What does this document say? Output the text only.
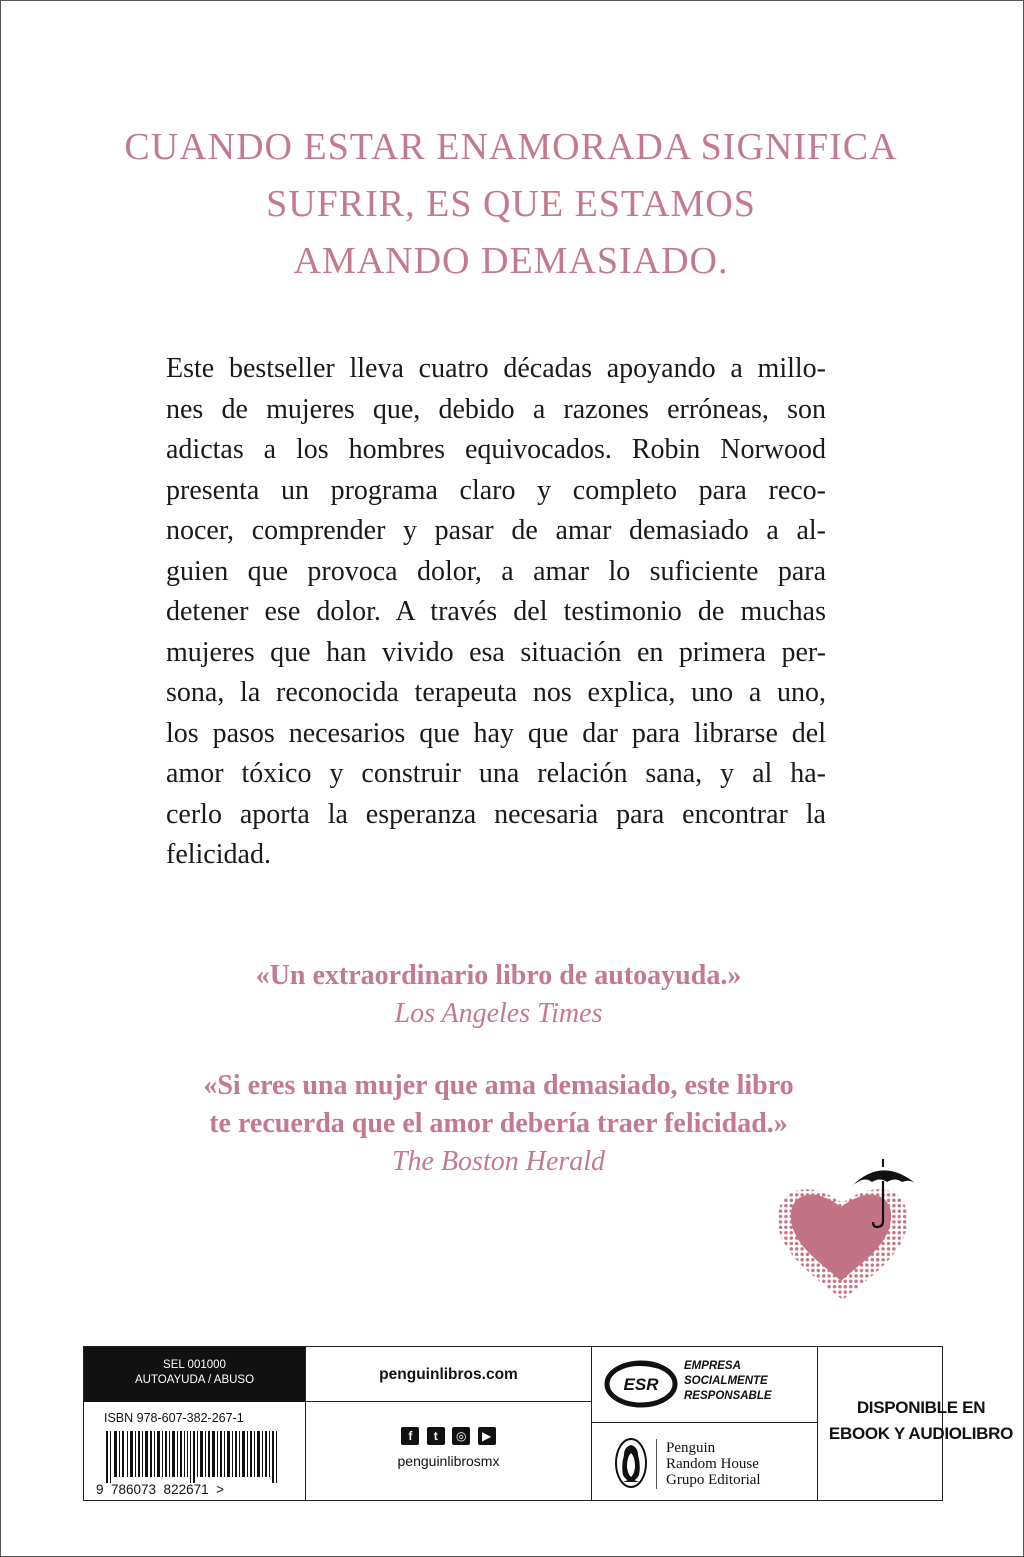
CUANDO ESTAR ENAMORADA SIGNIFICA
SUFRIR, ES QUE ESTAMOS
AMANDO DEMASIADO.
Este bestseller lleva cuatro décadas apoyando a millo-
nes de mujeres que, debido a razones erróneas, son
adictas a los hombres equivocados. Robin Norwood
presenta un programa claro y completo para reco-
nocer, comprender y pasar de amar demasiado a al-
guien que provoca dolor, a amar lo suficiente para
detener ese dolor. A través del testimonio de muchas
mujeres que han vivido esa situación en primera per-
sona, la reconocida terapeuta nos explica, uno a uno,
los pasos necesarios que hay que dar para librarse del
amor tóxico y construir una relación sana, y al ha-
cerlo aporta la esperanza necesaria para encontrar la
felicidad.
«Un extraordinario libro de autoayuda.»
Los Angeles Times
«Si eres una mujer que ama demasiado, este libro
te recuerda que el amor debería traer felicidad.»
The Boston Herald
SEL 001000
AUTOAYUDA / ABUSO
ISBN 978-607-382-267-1
9  786073  822671  >
penguinlibros.com
f t ◎ ▶
penguinlibrosmx
ESR
EMPRESA
SOCIALMENTE
RESPONSABLE
Penguin
Random House
Grupo Editorial
DISPONIBLE EN
EBOOK Y AUDIOLIBRO
